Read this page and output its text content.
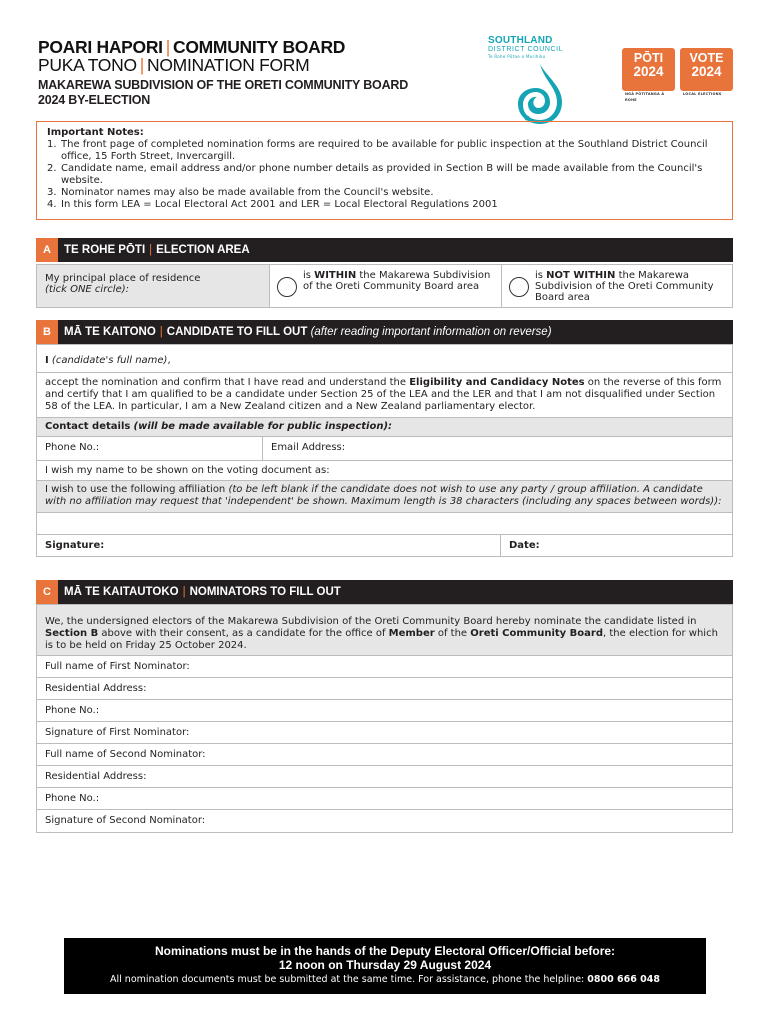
POARI HAPORI | COMMUNITY BOARD
PUKA TONO | NOMINATION FORM
MAKAREWA SUBDIVISION OF THE ORETI COMMUNITY BOARD
2024 BY-ELECTION
SOUTHLAND
DISTRICT COUNCIL
Te Rohe Pōtae o Murihiku	PŌTI
2024
NGĀ PŌTITANGA Ā ROHE
VOTE
2024
LOCAL ELECTIONS
Important Notes:
1. The front page of completed nomination forms are required to be available for public inspection at the Southland District Council office, 15 Forth Street, Invercargill.
2. Candidate name, email address and/or phone number details as provided in Section B will be made available from the Council's website.
3. Nominator names may also be made available from the Council's website.
4. In this form LEA = Local Electoral Act 2001 and LER = Local Electoral Regulations 2001
A TE ROHE PŌTI | ELECTION AREA
My principal place of residence
(tick ONE circle):
is WITHIN the Makarewa Subdivision of the Oreti Community Board area
is NOT WITHIN the Makarewa Subdivision of the Oreti Community Board area
B MĀ TE KAITONO | CANDIDATE TO FILL OUT (after reading important information on reverse)
I (candidate's full name),
accept the nomination and confirm that I have read and understand the Eligibility and Candidacy Notes on the reverse of this form and certify that I am qualified to be a candidate under Section 25 of the LEA and the LER and that I am not disqualified under Section 58 of the LEA. In particular, I am a New Zealand citizen and a New Zealand parliamentary elector.
Contact details (will be made available for public inspection):
Phone No.:	Email Address:
I wish my name to be shown on the voting document as:
I wish to use the following affiliation (to be left blank if the candidate does not wish to use any party / group affiliation. A candidate with no affiliation may request that 'independent' be shown. Maximum length is 38 characters (including any spaces between words)):
Signature:	Date:
C MĀ TE KAITAUTOKO | NOMINATORS TO FILL OUT
We, the undersigned electors of the Makarewa Subdivision of the Oreti Community Board hereby nominate the candidate listed in Section B above with their consent, as a candidate for the office of Member of the Oreti Community Board, the election for which is to be held on Friday 25 October 2024.
Full name of First Nominator:
Residential Address:
Phone No.:
Signature of First Nominator:
Full name of Second Nominator:
Residential Address:
Phone No.:
Signature of Second Nominator:
Nominations must be in the hands of the Deputy Electoral Officer/Official before:
12 noon on Thursday 29 August 2024
All nomination documents must be submitted at the same time. For assistance, phone the helpline: 0800 666 048
